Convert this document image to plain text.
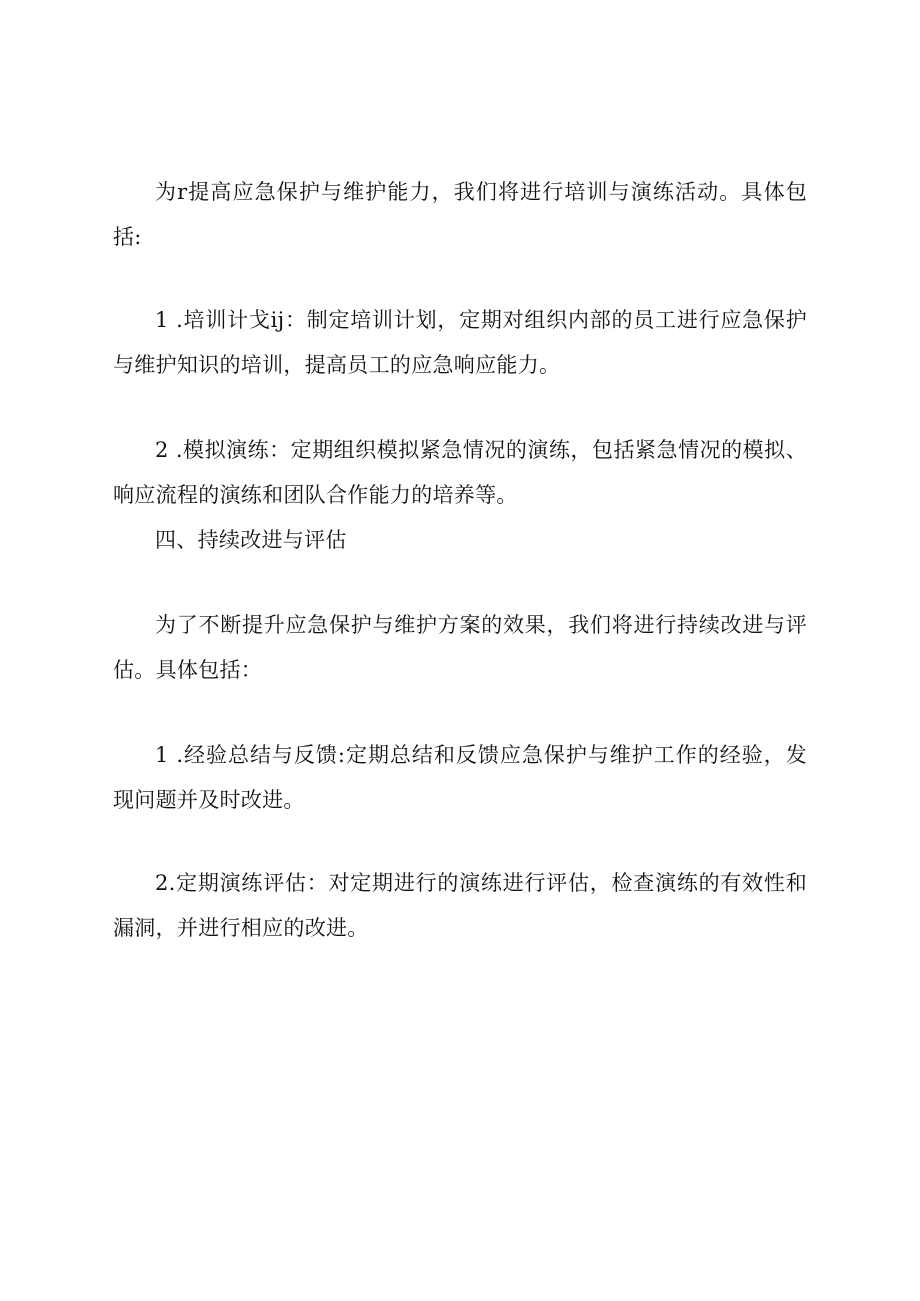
为r提高应急保护与维护能力，我们将进行培训与演练活动。具体包括:

1 .培训计戈ij：制定培训计划，定期对组织内部的员工进行应急保护与维护知识的培训，提高员工的应急响应能力。

2 .模拟演练：定期组织模拟紧急情况的演练，包括紧急情况的模拟、响应流程的演练和团队合作能力的培养等。

四、持续改进与评估

为了不断提升应急保护与维护方案的效果，我们将进行持续改进与评估。具体包括：

1 .经验总结与反馈:定期总结和反馈应急保护与维护工作的经验，发现问题并及时改进。

2.定期演练评估：对定期进行的演练进行评估，检查演练的有效性和漏洞，并进行相应的改进。
